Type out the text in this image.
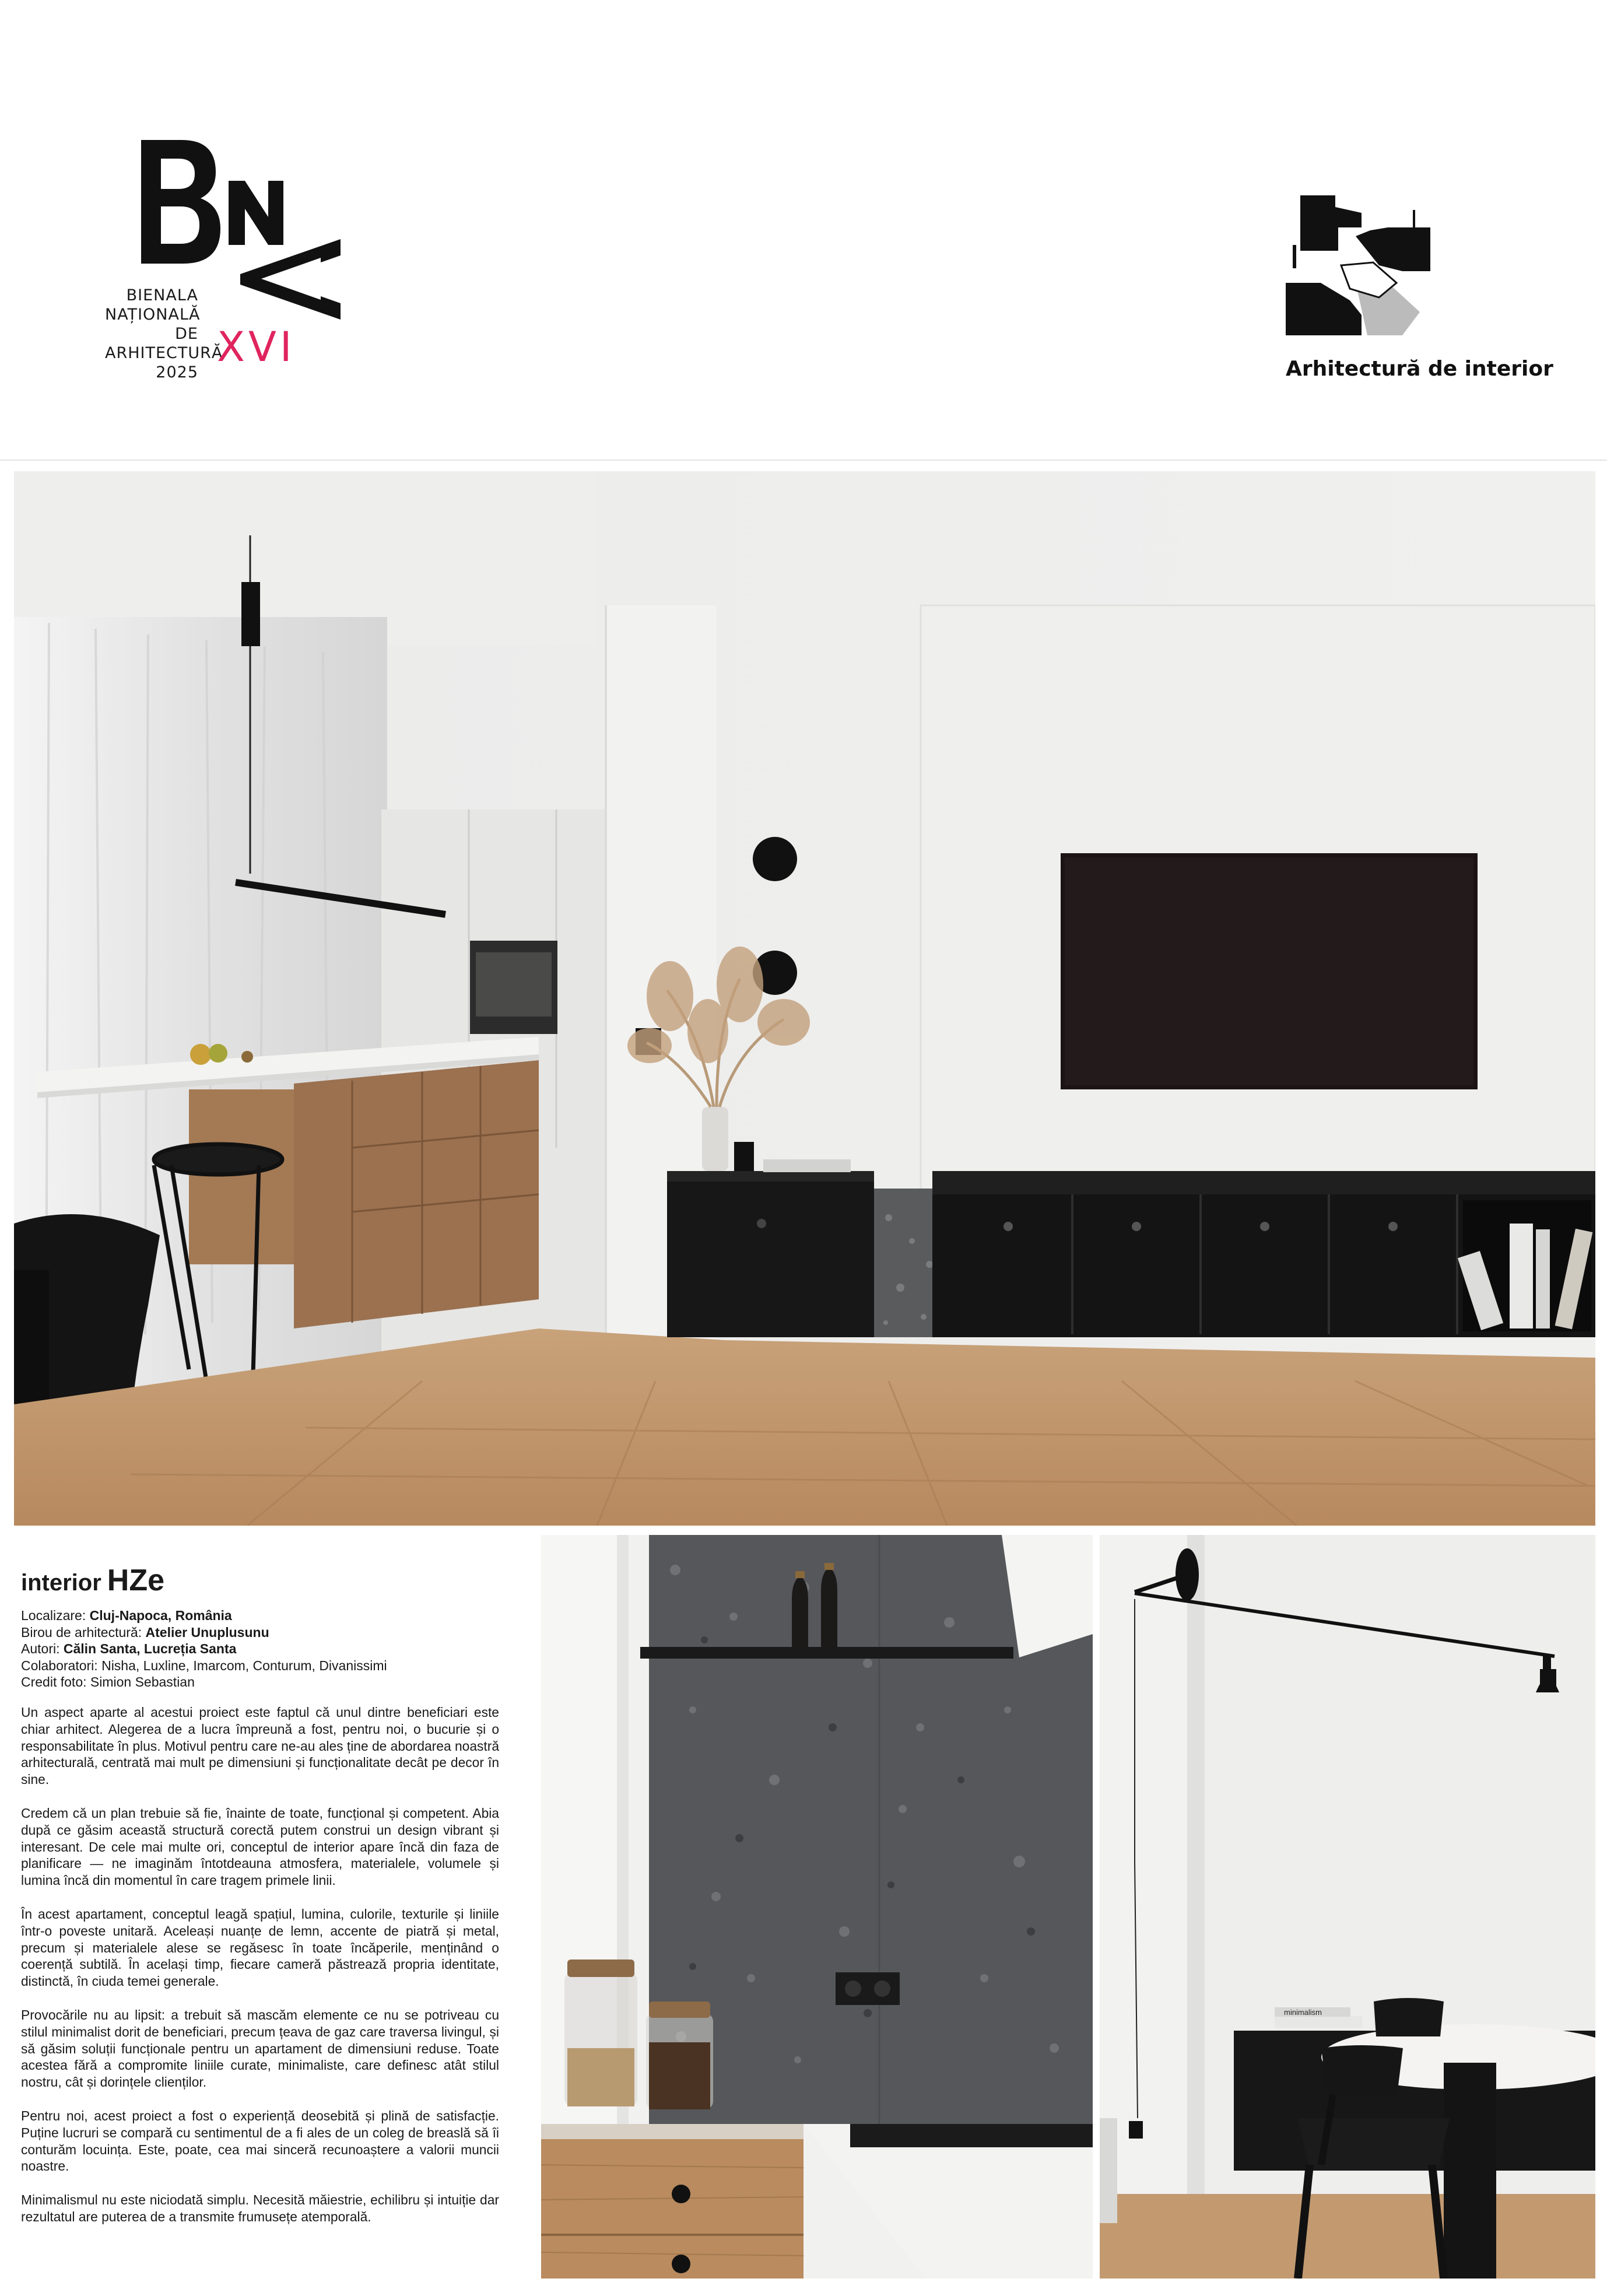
BIENALA
NAȚIONALĂ
DE
ARHITECTURĂ
2025
XVI	Arhitectură de interior
interior HZe
Localizare: Cluj-Napoca, România
Birou de arhitectură: Atelier Unuplusunu
Autori: Călin Santa, Lucreția Santa
Colaboratori: Nisha, Luxline, Imarcom, Conturum, Divanissimi
Credit foto: Simion Sebastian

Un aspect aparte al acestui proiect este faptul că unul dintre beneficiari este chiar arhitect. Alegerea de a lucra împreună a fost, pentru noi, o bucurie și o responsabilitate în plus. Motivul pentru care ne-au ales ține de abordarea noastră arhitecturală, centrată mai mult pe dimensiuni și funcționalitate decât pe decor în sine.

Credem că un plan trebuie să fie, înainte de toate, funcțional și competent. Abia după ce găsim această structură corectă putem construi un design vibrant și interesant. De cele mai multe ori, conceptul de interior apare încă din faza de planificare — ne imaginăm întotdeauna atmosfera, materialele, volumele și lumina încă din momentul în care tragem primele linii.

În acest apartament, conceptul leagă spațiul, lumina, culorile, texturile și liniile într-o poveste unitară. Aceleași nuanțe de lemn, accente de piatră și metal, precum și materialele alese se regăsesc în toate încăperile, menținând o coerență subtilă. În același timp, fiecare cameră păstrează propria identitate, distinctă, în ciuda temei generale.

Provocările nu au lipsit: a trebuit să mascăm elemente ce nu se potriveau cu stilul minimalist dorit de beneficiari, precum țeava de gaz care traversa livingul, și să găsim soluții funcționale pentru un apartament de dimensiuni reduse. Toate acestea fără a compromite liniile curate, minimaliste, care definesc atât stilul nostru, cât și dorințele clienților.

Pentru noi, acest proiect a fost o experiență deosebită și plină de satisfacție. Puține lucruri se compară cu sentimentul de a fi ales de un coleg de breaslă să îi conturăm locuința. Este, poate, cea mai sinceră recunoaștere a valorii muncii noastre.

Minimalismul nu este niciodată simplu. Necesită măiestrie, echilibru și intuiție dar rezultatul are puterea de a transmite frumusețe atemporală.

minimalism
